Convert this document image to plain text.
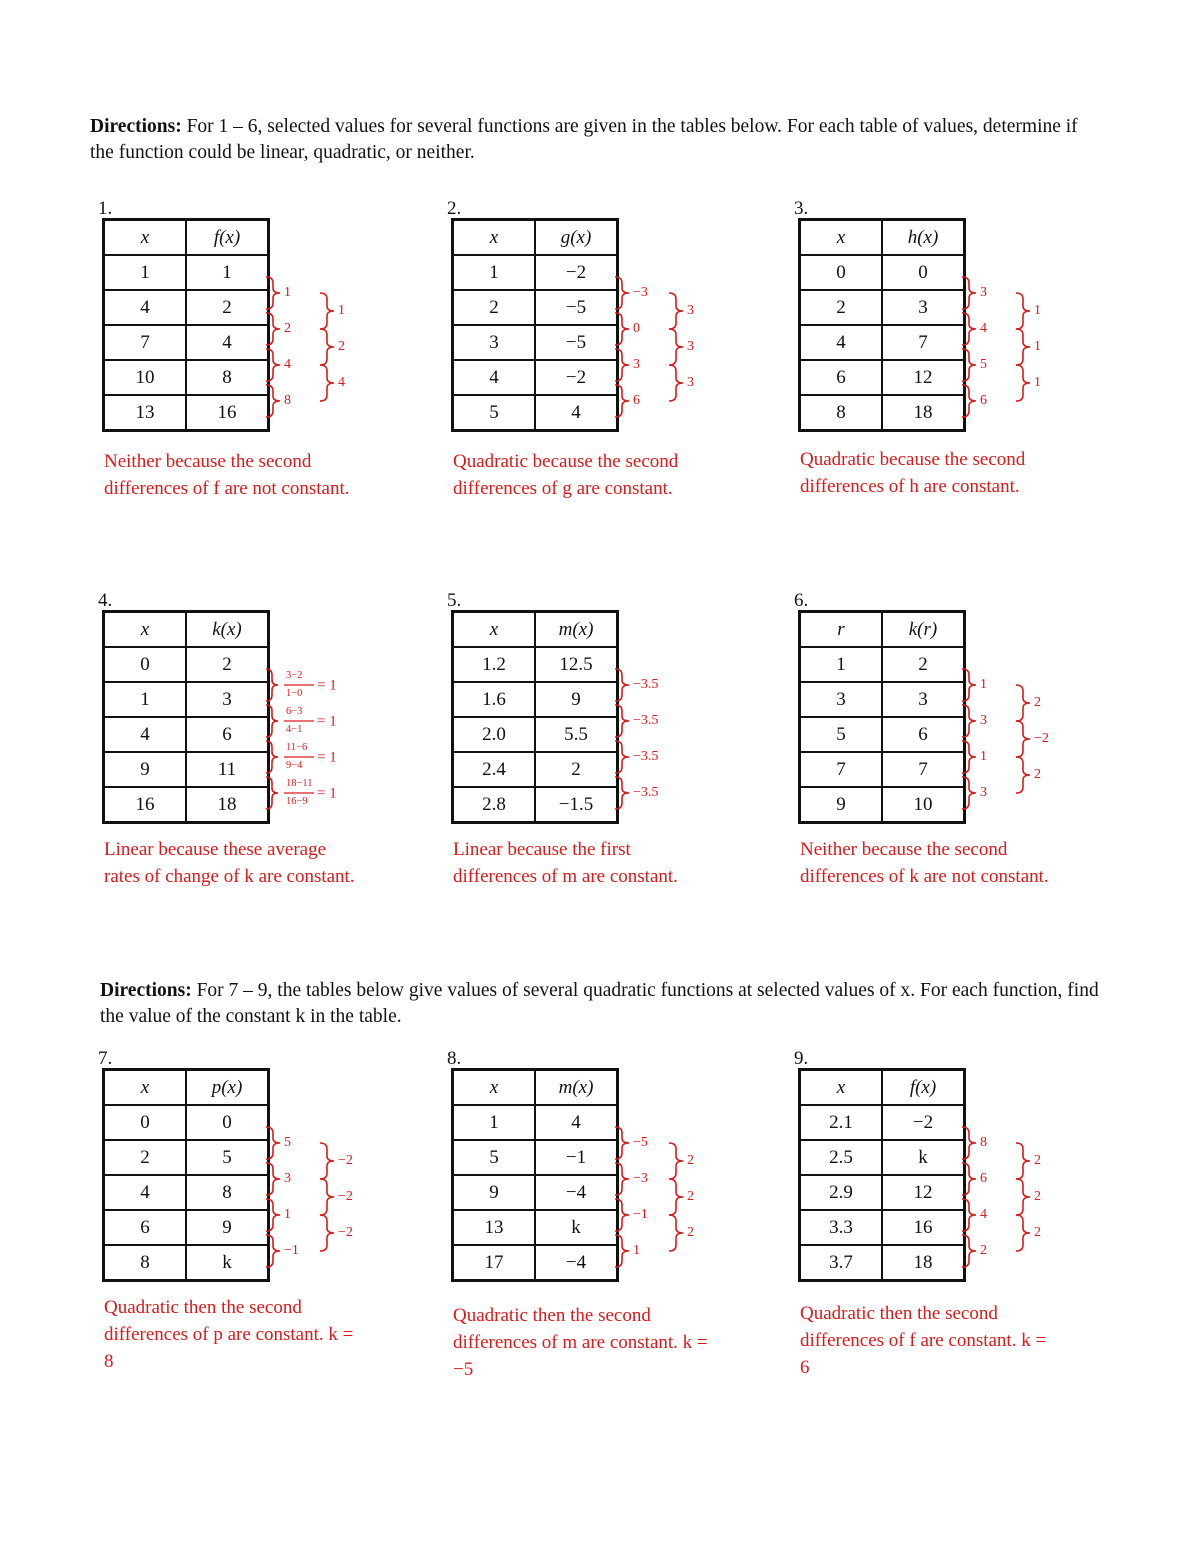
Directions: For 1 – 6, selected values for several functions are given in the tables below. For each table of values, determine if the function could be linear, quadratic, or neither.
Directions: For 7 – 9, the tables below give values of several quadratic functions at selected values of x. For each function, find the value of the constant k in the table.
1.
x	f(x)
1	1
4	2
7	4
10	8
13	16
1
2
4
8
1
2
4
Neither because the second differences of f are not constant.
2.
x	g(x)
1	−2
2	−5
3	−5
4	−2
5	4
−3
0
3
6
3
3
3
Quadratic because the second differences of g are constant.
3.
x	h(x)
0	0
2	3
4	7
6	12
8	18
3
4
5
6
1
1
1
Quadratic because the second differences of h are constant.
4.
x	k(x)
0	2
1	3
4	6
9	11
16	18
3−2
1−0
= 1
6−3
4−1
= 1
11−6
9−4
= 1
18−11
16−9
= 1
Linear because these average rates of change of k are constant.
5.
x	m(x)
1.2	12.5
1.6	9
2.0	5.5
2.4	2
2.8	−1.5
−3.5
−3.5
−3.5
−3.5
Linear because the first differences of m are constant.
6.
r	k(r)
1	2
3	3
5	6
7	7
9	10
1
3
1
3
2
−2
2
Neither because the second differences of k are not constant.
7.
x	p(x)
0	0
2	5
4	8
6	9
8	k
5
3
1
−1
−2
−2
−2
Quadratic then the second differences of p are constant. k = 8
8.
x	m(x)
1	4
5	−1
9	−4
13	k
17	−4
−5
−3
−1
1
2
2
2
Quadratic then the second differences of m are constant. k = −5
9.
x	f(x)
2.1	−2
2.5	k
2.9	12
3.3	16
3.7	18
8
6
4
2
2
2
2
Quadratic then the second differences of f are constant. k = 6
